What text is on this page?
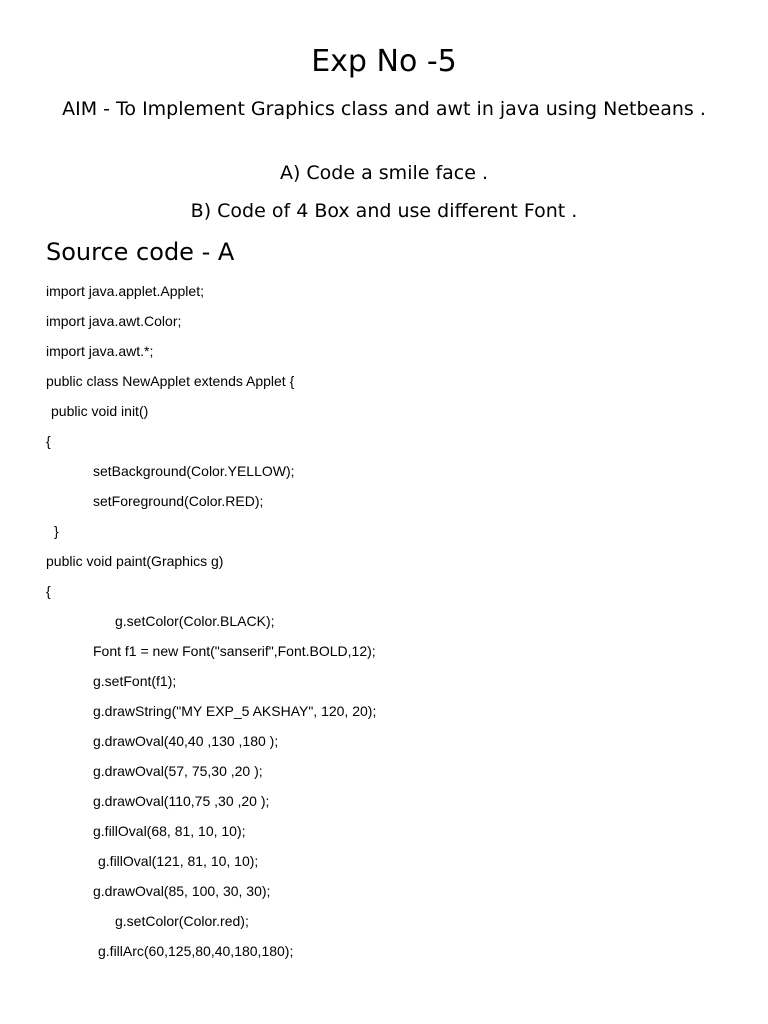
Exp No -5

AIM - To Implement Graphics class and awt in java using Netbeans .

A) Code a smile face .

B) Code of 4 Box and use different Font .

Source code - A
import java.applet.Applet;
import java.awt.Color;
import java.awt.*;
public class NewApplet extends Applet {
public void init()
{
setBackground(Color.YELLOW);
setForeground(Color.RED);
}
public void paint(Graphics g)
{
g.setColor(Color.BLACK);
Font f1 = new Font("sanserif",Font.BOLD,12);
g.setFont(f1);
g.drawString("MY EXP_5 AKSHAY", 120, 20);
g.drawOval(40,40 ,130 ,180 );
g.drawOval(57, 75,30 ,20 );
g.drawOval(110,75 ,30 ,20 );
g.fillOval(68, 81, 10, 10);
g.fillOval(121, 81, 10, 10);
g.drawOval(85, 100, 30, 30);
g.setColor(Color.red);
g.fillArc(60,125,80,40,180,180);
